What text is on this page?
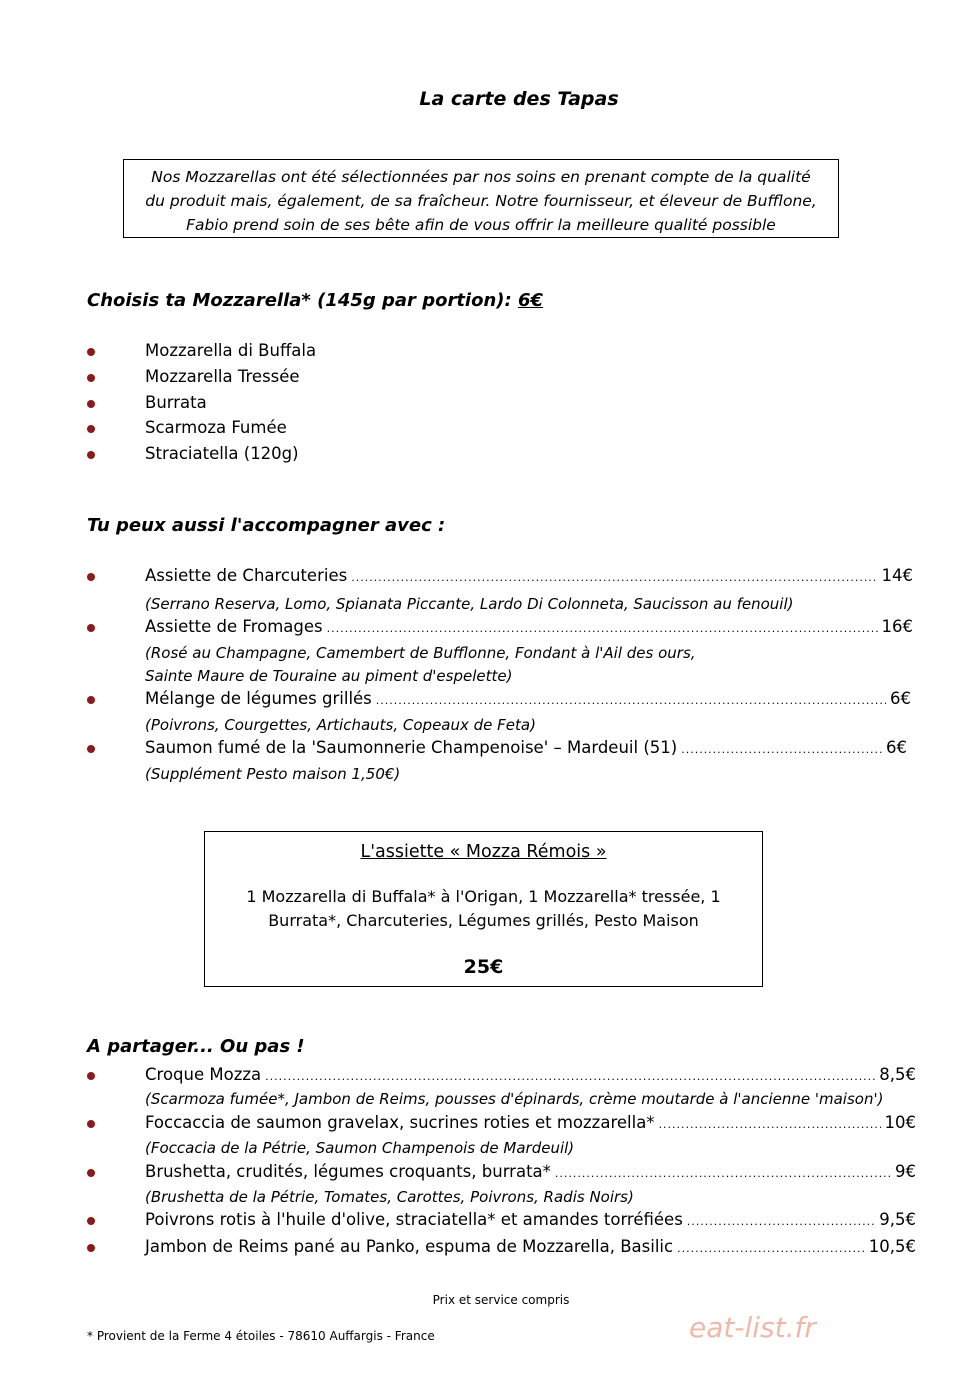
La carte des Tapas
Nos Mozzarellas ont été sélectionnées par nos soins en prenant compte de la qualité
du produit mais, également, de sa fraîcheur. Notre fournisseur, et éleveur de Bufflone,
Fabio prend soin de ses bête afin de vous offrir la meilleure qualité possible
Choisis ta Mozzarella* (145g par portion): 6€
Mozzarella di Buffala
Mozzarella Tressée
Burrata
Scarmoza Fumée
Straciatella (120g)
Tu peux aussi l'accompagner avec :
Assiette de Charcuteries .....	14€
(Serrano Reserva, Lomo, Spianata Piccante, Lardo Di Colonneta, Saucisson au fenouil)
Assiette de Fromages .....	16€
(Rosé au Champagne, Camembert de Bufflonne, Fondant à l'Ail des ours,
Sainte Maure de Touraine au piment d'espelette)
Mélange de légumes grillés .....	6€
(Poivrons, Courgettes, Artichauts, Copeaux de Feta)
Saumon fumé de la 'Saumonnerie Champenoise' – Mardeuil (51) .....	6€
(Supplément Pesto maison 1,50€)
L'assiette « Mozza Rémois »
1 Mozzarella di Buffala* à l'Origan, 1 Mozzarella* tressée, 1
Burrata*, Charcuteries, Légumes grillés, Pesto Maison
25€
A partager... Ou pas !
Croque Mozza .....	8,5€
(Scarmoza fumée*, Jambon de Reims, pousses d'épinards, crème moutarde à l'ancienne 'maison')
Foccaccia de saumon gravelax, sucrines roties et mozzarella* .....	10€
(Foccacia de la Pétrie, Saumon Champenois de Mardeuil)
Brushetta, crudités, légumes croquants, burrata* .....	9€
(Brushetta de la Pétrie, Tomates, Carottes, Poivrons, Radis Noirs)
Poivrons rotis à l'huile d'olive, straciatella* et amandes torréfiées .....	9,5€
Jambon de Reims pané au Panko, espuma de Mozzarella, Basilic .....	10,5€
Prix et service compris
* Provient de la Ferme 4 étoiles - 78610 Auffargis - France	eat-list.fr
